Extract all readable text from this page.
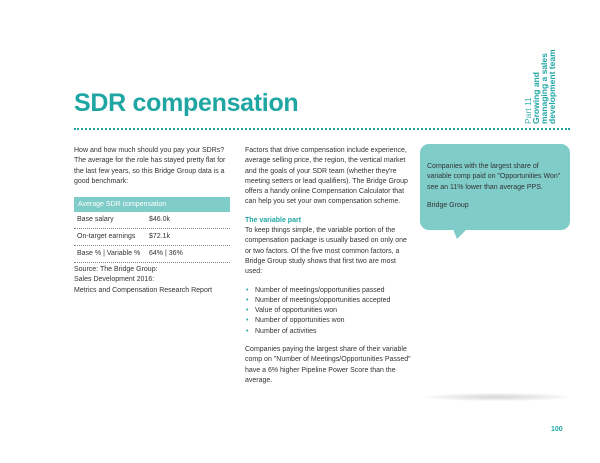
SDR compensation	Part 11
Growing and
managing a sales
development team

How and how much should you pay your SDRs? The average for the role has stayed pretty flat for the last few years, so this Bridge Group data is a good benchmark:

Average SDR compensation
Base salary	$46.0k
On-target earnings	$72.1k
Base % | Variable %	64% | 36%
Source: The Bridge Group:
Sales Development 2016:
Metrics and Compensation Research Report

Factors that drive compensation include experience, average selling price, the region, the vertical market and the goals of your SDR team (whether they're meeting setters or lead qualifiers). The Bridge Group offers a handy online Compensation Calculator that can help you set your own compensation scheme.

The variable part

To keep things simple, the variable portion of the compensation package is usually based on only one or two factors. Of the five most common factors, a Bridge Group study shows that first two are most used:

• Number of meetings/opportunities passed
• Number of meetings/opportunities accepted
• Value of opportunities won
• Number of opportunities won
• Number of activities

Companies paying the largest share of their variable comp on "Number of Meetings/Opportunities Passed" have a 6% higher Pipeline Power Score than the average.

Companies with the largest share of variable comp paid on "Opportunities Won" see an 11% lower than average PPS.

Bridge Group

100
